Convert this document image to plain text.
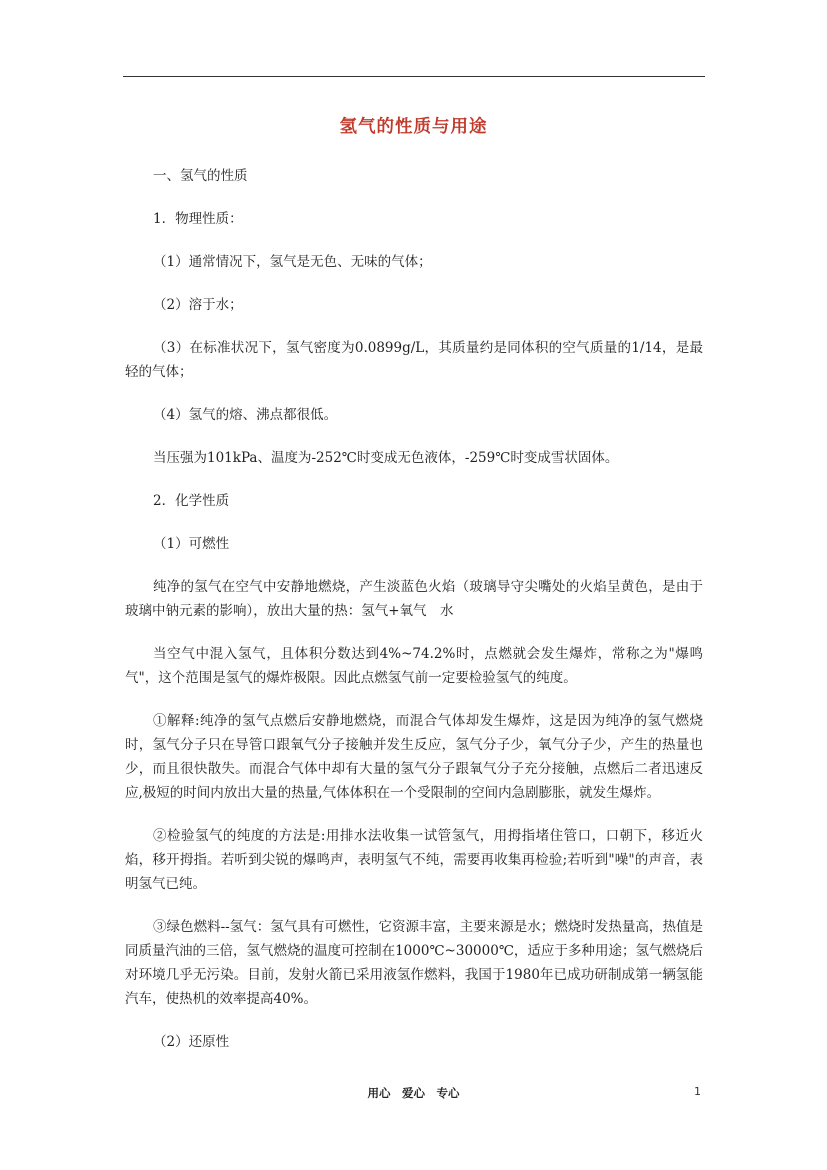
氢气的性质与用途

一、氢气的性质

1．物理性质：

（1）通常情况下，氢气是无色、无味的气体；

（2）溶于水；

（3）在标准状况下，氢气密度为0.0899g/L，其质量约是同体积的空气质量的1/14，是最轻的气体；

（4）氢气的熔、沸点都很低。

当压强为101kPa、温度为-252℃时变成无色液体，-259℃时变成雪状固体。

2．化学性质

（1）可燃性

纯净的氢气在空气中安静地燃烧，产生淡蓝色火焰（玻璃导守尖嘴处的火焰呈黄色，是由于玻璃中钠元素的影响），放出大量的热：氢气+氧气　水

当空气中混入氢气，且体积分数达到4%~74.2%时，点燃就会发生爆炸，常称之为"爆鸣气"，这个范围是氢气的爆炸极限。因此点燃氢气前一定要检验氢气的纯度。

①解释:纯净的氢气点燃后安静地燃烧，而混合气体却发生爆炸，这是因为纯净的氢气燃烧时，氢气分子只在导管口跟氧气分子接触并发生反应，氢气分子少，氧气分子少，产生的热量也少，而且很快散失。而混合气体中却有大量的氢气分子跟氧气分子充分接触，点燃后二者迅速反应,极短的时间内放出大量的热量,气体体积在一个受限制的空间内急剧膨胀，就发生爆炸。

②检验氢气的纯度的方法是:用排水法收集一试管氢气，用拇指堵住管口，口朝下，移近火焰，移开拇指。若听到尖锐的爆鸣声，表明氢气不纯，需要再收集再检验;若听到"噪"的声音，表明氢气已纯。

③绿色燃料--氢气：氢气具有可燃性，它资源丰富，主要来源是水；燃烧时发热量高，热值是同质量汽油的三倍，氢气燃烧的温度可控制在1000℃~30000℃，适应于多种用途；氢气燃烧后对环境几乎无污染。目前，发射火箭已采用液氢作燃料，我国于1980年已成功研制成第一辆氢能汽车，使热机的效率提高40%。

（2）还原性

用心　爱心　专心	1
